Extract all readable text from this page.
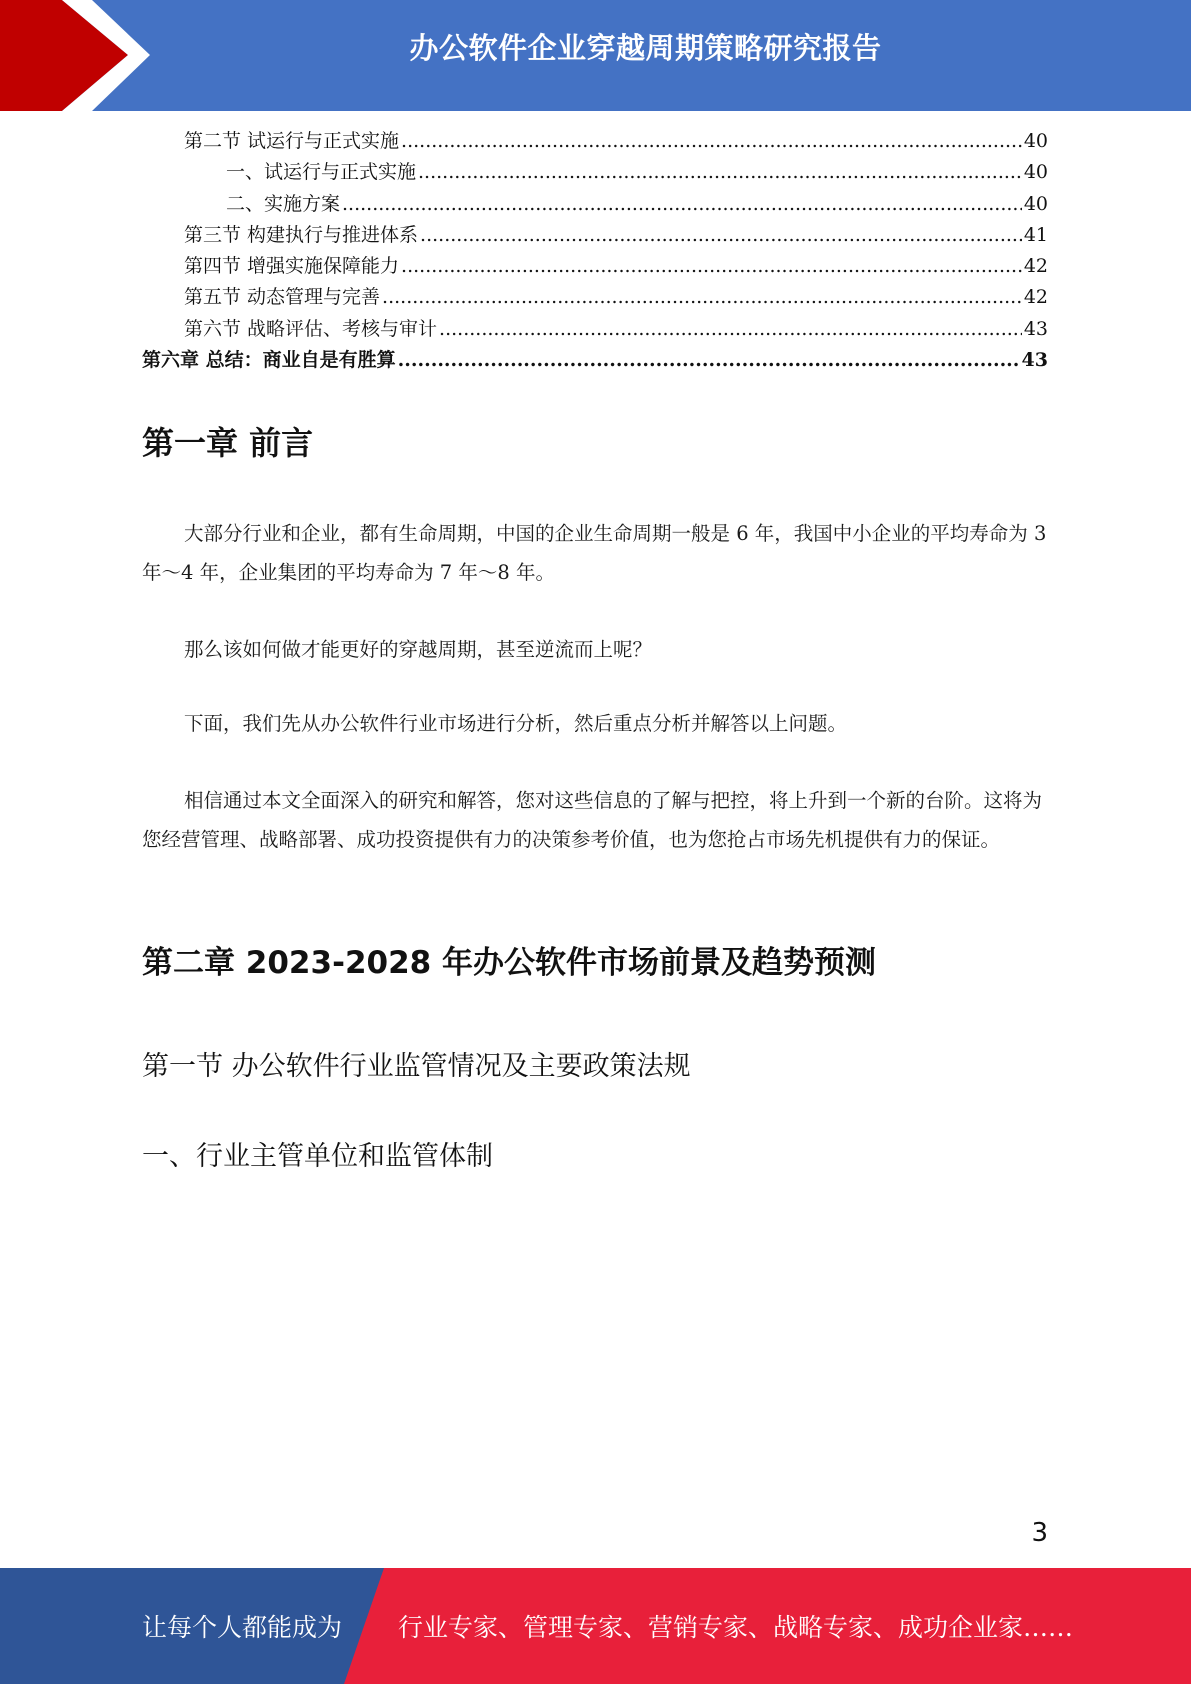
办公软件企业穿越周期策略研究报告
第二节 试运行与正式实施 .....	40
一、试运行与正式实施 .....	40
二、实施方案 .....	40
第三节 构建执行与推进体系 .....	41
第四节 增强实施保障能力 .....	42
第五节 动态管理与完善 .....	42
第六节 战略评估、考核与审计 .....	43
第六章 总结：商业自是有胜算 .....	43
第一章 前言

大部分行业和企业，都有生命周期，中国的企业生命周期一般是 6 年，我国中小企业的平均寿命为 3 年～4 年，企业集团的平均寿命为 7 年～8 年。

那么该如何做才能更好的穿越周期，甚至逆流而上呢？

下面，我们先从办公软件行业市场进行分析，然后重点分析并解答以上问题。

相信通过本文全面深入的研究和解答，您对这些信息的了解与把控，将上升到一个新的台阶。这将为您经营管理、战略部署、成功投资提供有力的决策参考价值，也为您抢占市场先机提供有力的保证。

第二章 2023-2028 年办公软件市场前景及趋势预测
第一节 办公软件行业监管情况及主要政策法规
一、行业主管单位和监管体制
3
让每个人都能成为 行业专家、管理专家、营销专家、战略专家、成功企业家……
